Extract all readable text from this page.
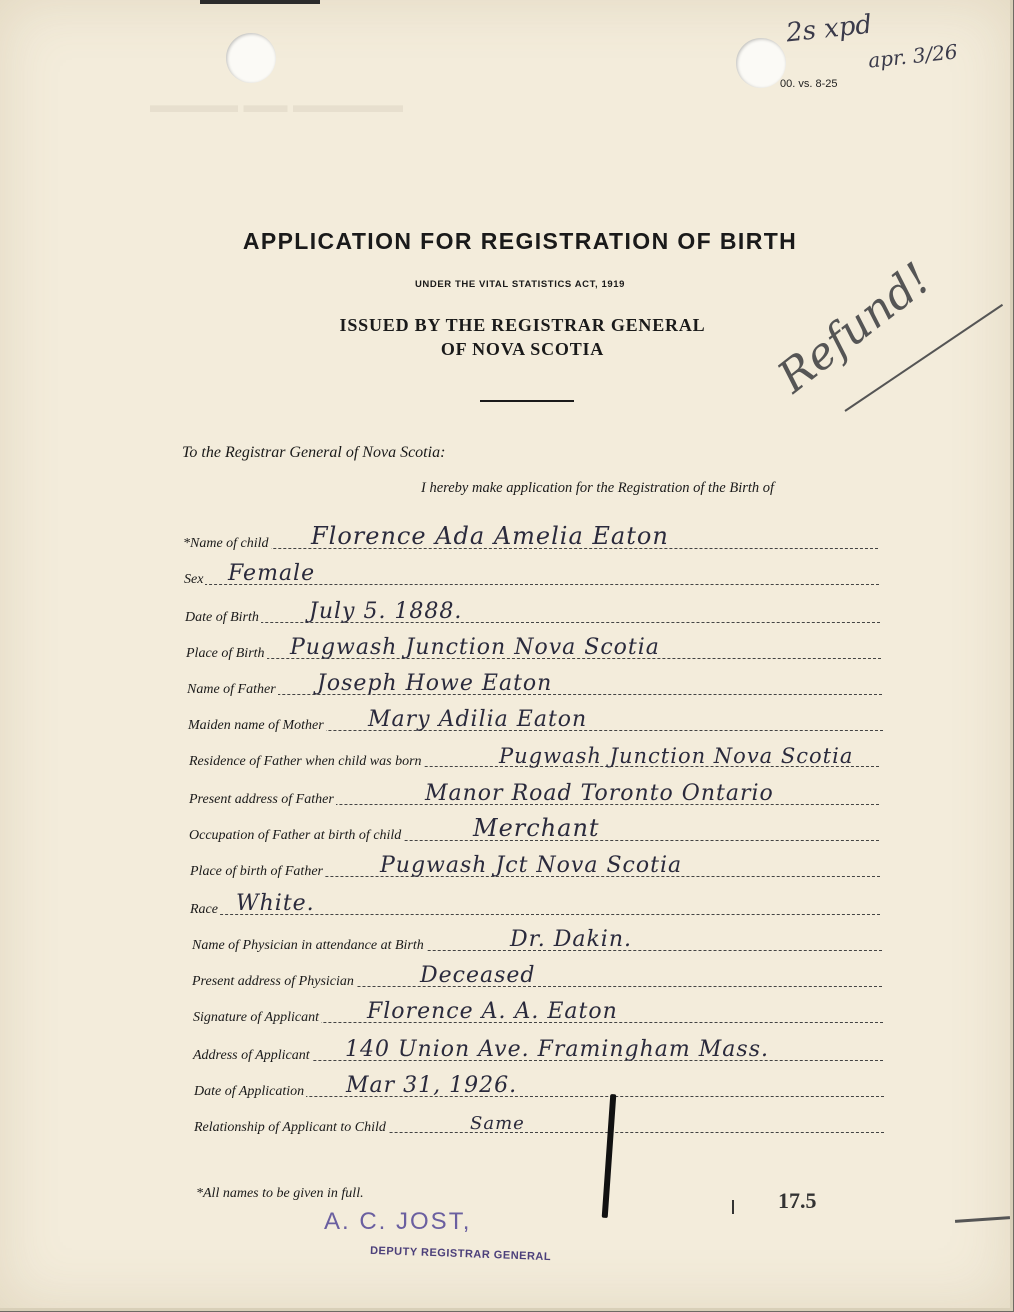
▬▬▬▬ ▬▬ ▬▬▬▬▬
00. vs. 8-25
2s xpd
apr. 3/26
APPLICATION FOR REGISTRATION OF BIRTH
UNDER THE VITAL STATISTICS ACT, 1919
ISSUED BY THE REGISTRAR GENERAL
OF NOVA SCOTIA	Refund!
To the Registrar General of Nova Scotia:
I hereby make application for the Registration of the Birth of
*Name of child Florence Ada Amelia Eaton
Sex Female
Date of Birth July 5. 1888.
Place of Birth Pugwash Junction Nova Scotia
Name of Father Joseph Howe Eaton
Maiden name of Mother Mary Adilia Eaton
Residence of Father when child was born	Pugwash Junction Nova Scotia
Present address of Father	Manor Road Toronto Ontario
Occupation of Father at birth of child	Merchant
Place of birth of Father	Pugwash Jct Nova Scotia
Race White.
Name of Physician in attendance at Birth	Dr. Dakin.
Present address of Physician	Deceased
Signature of Applicant Florence A. A. Eaton
Address of Applicant 140 Union Ave. Framingham Mass.
Date of Application Mar 31, 1926.
Relationship of Applicant to Child	Same
*All names to be given in full.
A. C. JOST,
DEPUTY REGISTRAR GENERAL
17.5
